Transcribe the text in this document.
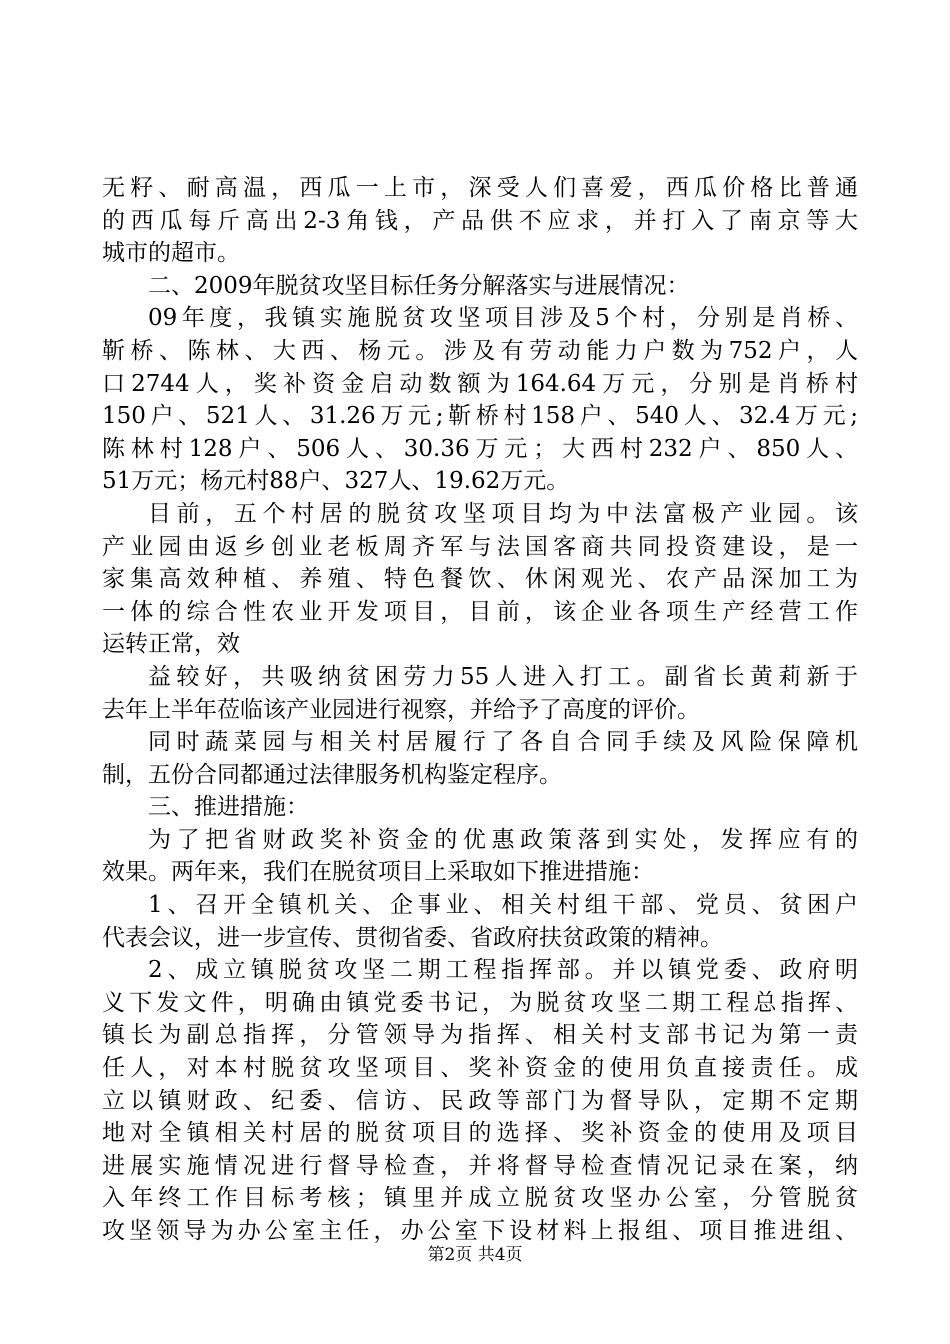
无籽、耐高温，西瓜一上市，深受人们喜爱，西瓜价格比普通
的西瓜每斤高出2-3角钱，产品供不应求，并打入了南京等大
城市的超市。
二、2009年脱贫攻坚目标任务分解落实与进展情况：
09年度，我镇实施脱贫攻坚项目涉及5个村，分别是肖桥、
靳桥、陈林、大西、杨元。涉及有劳动能力户数为752户，人
口2744人，奖补资金启动数额为164.64万元，分别是肖桥村
150户、521人、31.26万元;靳桥村158户、540人、32.4万元;
陈林村128户、506人、30.36万元；大西村232户、850人、
51万元；杨元村88户、327人、19.62万元。
目前，五个村居的脱贫攻坚项目均为中法富极产业园。该
产业园由返乡创业老板周齐军与法国客商共同投资建设，是一
家集高效种植、养殖、特色餐饮、休闲观光、农产品深加工为
一体的综合性农业开发项目，目前，该企业各项生产经营工作
运转正常，效
益较好，共吸纳贫困劳力55人进入打工。副省长黄莉新于
去年上半年莅临该产业园进行视察，并给予了高度的评价。
同时蔬菜园与相关村居履行了各自合同手续及风险保障机
制，五份合同都通过法律服务机构鉴定程序。
三、推进措施：
为了把省财政奖补资金的优惠政策落到实处，发挥应有的
效果。两年来，我们在脱贫项目上采取如下推进措施：
1、召开全镇机关、企事业、相关村组干部、党员、贫困户
代表会议，进一步宣传、贯彻省委、省政府扶贫政策的精神。
2、成立镇脱贫攻坚二期工程指挥部。并以镇党委、政府明
义下发文件，明确由镇党委书记，为脱贫攻坚二期工程总指挥、
镇长为副总指挥，分管领导为指挥、相关村支部书记为第一责
任人，对本村脱贫攻坚项目、奖补资金的使用负直接责任。成
立以镇财政、纪委、信访、民政等部门为督导队，定期不定期
地对全镇相关村居的脱贫项目的选择、奖补资金的使用及项目
进展实施情况进行督导检查，并将督导检查情况记录在案，纳
入年终工作目标考核；镇里并成立脱贫攻坚办公室，分管脱贫
攻坚领导为办公室主任，办公室下设材料上报组、项目推进组、
第2页 共4页
